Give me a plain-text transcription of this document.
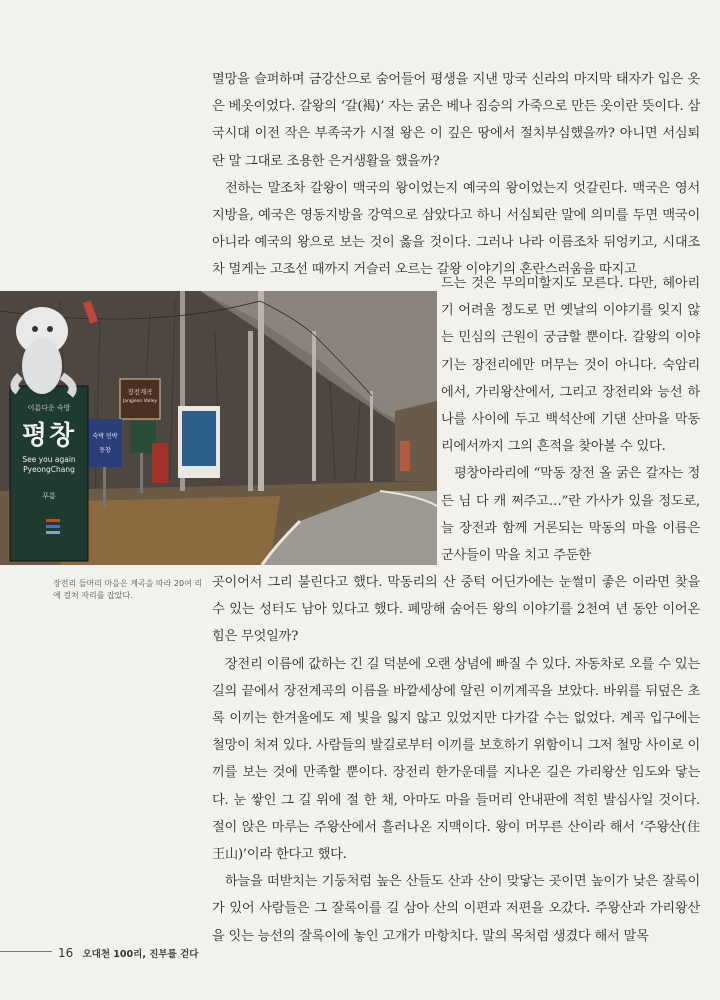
멸망을 슬퍼하며 금강산으로 숨어들어 평생을 지낸 망국 신라의 마지막 태자가 입은 옷은 베옷이었다. 갈왕의 ‘갈(褐)’ 자는 굵은 베나 짐승의 가죽으로 만든 옷이란 뜻이다. 삼국시대 이전 작은 부족국가 시절 왕은 이 깊은 땅에서 절치부심했을까? 아니면 서심퇴란 말 그대로 조용한 은거생활을 했을까?

전하는 말조차 갈왕이 맥국의 왕이었는지 예국의 왕이었는지 엇갈린다. 맥국은 영서지방을, 예국은 영동지방을 강역으로 삼았다고 하니 서심퇴란 말에 의미를 두면 맥국이 아니라 예국의 왕으로 보는 것이 옳을 것이다. 그러나 나라 이름조차 뒤엉키고, 시대조차 멀게는 고조선 때까지 거슬러 오르는 갈왕 이야기의 혼란스러움을 따지고

이름다운 숙방
평창
See you again
PyeongChang
푸름
장전계곡
Jangjeon Valley
숙박 민박
동창

드는 것은 무의미할지도 모른다. 다만, 헤아리기 어려울 정도로 먼 옛날의 이야기를 잊지 않는 민심의 근원이 궁금할 뿐이다. 갈왕의 이야기는 장전리에만 머무는 것이 아니다. 숙암리에서, 가리왕산에서, 그리고 장전리와 능선 하나를 사이에 두고 백석산에 기댄 산마을 막동리에서까지 그의 흔적을 찾아볼 수 있다.

평창아라리에 “막동 장전 올 굵은 갈자는 정든 님 다 캐 쩌주고…”란 가사가 있을 정도로, 늘 장전과 함께 거론되는 막동의 마을 이름은 군사들이 막을 치고 주둔한

장전리 들머리 마을은 계곡을 따라 20여 리에 걸쳐 자리를 잡았다.

곳이어서 그리 불린다고 했다. 막동리의 산 중턱 어딘가에는 눈썰미 좋은 이라면 찾을 수 있는 성터도 남아 있다고 했다. 폐망해 숨어든 왕의 이야기를 2천여 년 동안 이어온 힘은 무엇일까?

장전리 이름에 값하는 긴 길 덕분에 오랜 상념에 빠질 수 있다. 자동차로 오를 수 있는 길의 끝에서 장전계곡의 이름을 바깥세상에 알린 이끼계곡을 보았다. 바위를 뒤덮은 초록 이끼는 한겨울에도 제 빛을 잃지 않고 있었지만 다가갈 수는 없었다. 계곡 입구에는 철망이 처져 있다. 사람들의 발길로부터 이끼를 보호하기 위함이니 그저 철망 사이로 이끼를 보는 것에 만족할 뿐이다. 장전리 한가운데를 지나온 길은 가리왕산 임도와 닿는다. 눈 쌓인 그 길 위에 절 한 채, 아마도 마을 들머리 안내판에 적힌 발심사일 것이다. 절이 앉은 마루는 주왕산에서 흘러나온 지맥이다. 왕이 머무른 산이라 해서 ‘주왕산(住王山)’이라 한다고 했다.

하늘을 떠받치는 기둥처럼 높은 산들도 산과 산이 맞닿는 곳이면 높이가 낮은 잘록이가 있어 사람들은 그 잘록이를 길 삼아 산의 이편과 저편을 오갔다. 주왕산과 가리왕산을 잇는 능선의 잘록이에 놓인 고개가 마항치다. 말의 목처럼 생겼다 해서 말목

16 오대천 100리, 진부를 걷다
